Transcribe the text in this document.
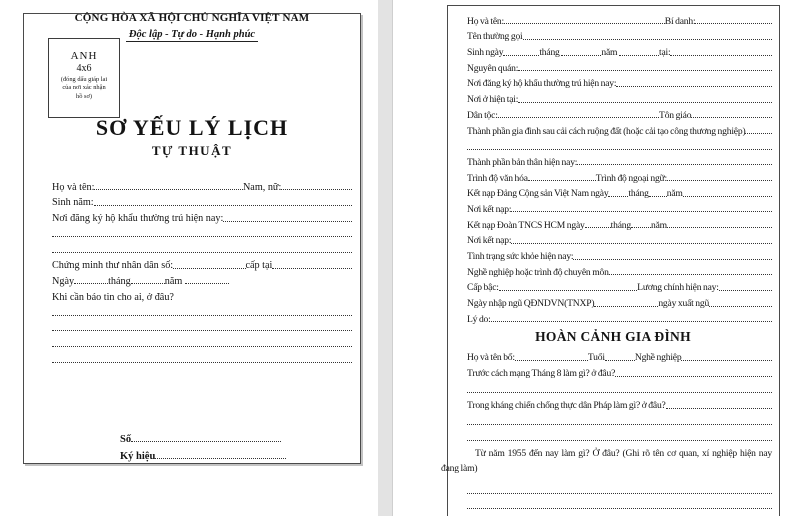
CỘNG HÒA XÃ HỘI CHỦ NGHĨA VIỆT NAM
Độc lập - Tự do - Hạnh phúc
ANH
4x6
(đóng dấu giáp lai
của nơi xác nhận
hồ sơ)
SƠ YẾU LÝ LỊCH
TỰ THUẬT
Họ và tên:	Nam, nữ:
Sinh năm:
Nơi đăng ký hộ khẩu thường trú hiện nay:
Chứng minh thư nhân dân số:	cấp tại
Ngày	tháng	năm
Khi cần báo tin cho ai, ở đâu?
Số
Ký hiệu
Họ và tên:	Bí danh:
Tên thường gọi
Sinh ngày	tháng	năm	tại:
Nguyên quán:
Nơi đăng ký hộ khẩu thường trú hiện nay:
Nơi ở hiện tại:
Dân tộc:	Tôn giáo
Thành phần gia đình sau cải cách ruộng đất (hoặc cải tạo công thương nghiệp)
Thành phần bản thân hiện nay:
Trình độ văn hóa	Trình độ ngoại ngữ:
Kết nạp Đảng Cộng sản Việt Nam ngày tháng năm
Nơi kết nạp:
Kết nạp Đoàn TNCS HCM ngày	tháng năm
Nơi kết nạp:
Tình trạng sức khỏe hiện nay:
Nghề nghiệp hoặc trình độ chuyên môn
Cấp bậc:	Lương chính hiện nay:
Ngày nhập ngũ QĐNDVN(TNXP)	ngày xuất ngũ
Lý do:
HOÀN CẢNH GIA ĐÌNH
Họ và tên bố:	Tuổi	Nghề nghiệp
Trước cách mạng Tháng 8 làm gì? ở đâu?
Trong kháng chiến chống thực dân Pháp làm gì? ở đâu?
Từ năm 1955 đến nay làm gì? Ở đâu? (Ghi rõ tên cơ quan, xí nghiệp hiện nay
đang làm)
